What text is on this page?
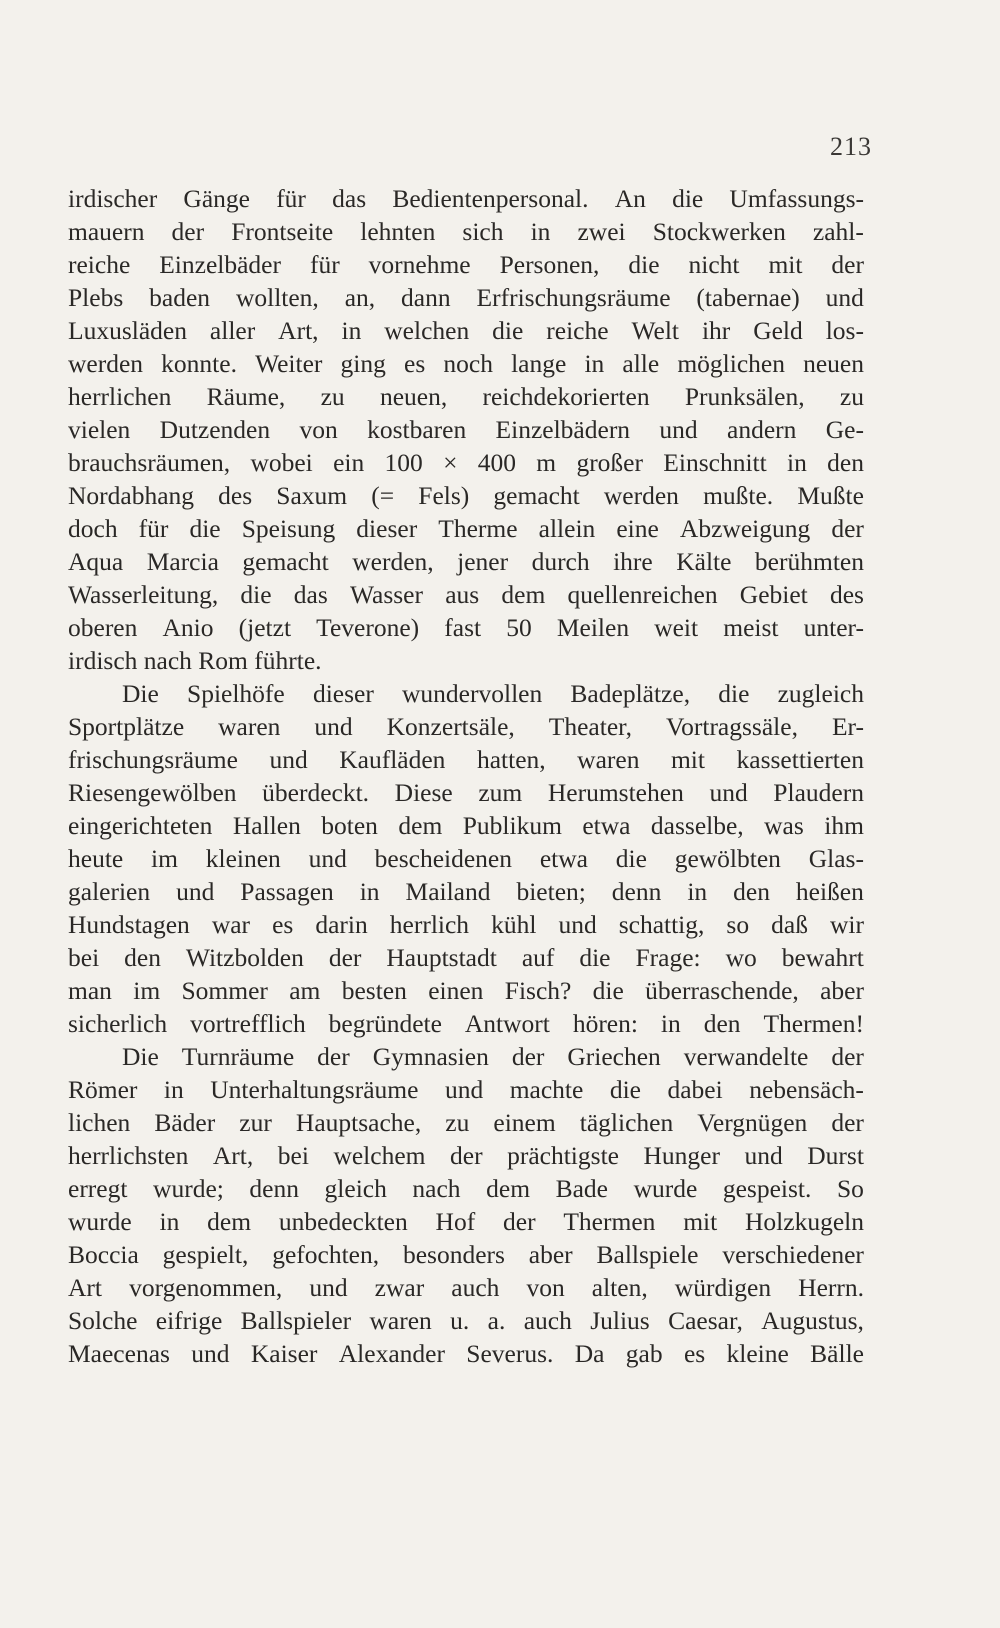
213
irdischer Gänge für das Bedientenpersonal. An die Umfassungs-
mauern der Frontseite lehnten sich in zwei Stockwerken zahl-
reiche Einzelbäder für vornehme Personen, die nicht mit der
Plebs baden wollten, an, dann Erfrischungsräume (tabernae) und
Luxusläden aller Art, in welchen die reiche Welt ihr Geld los-
werden konnte. Weiter ging es noch lange in alle möglichen neuen
herrlichen Räume, zu neuen, reichdekorierten Prunksälen, zu
vielen Dutzenden von kostbaren Einzelbädern und andern Ge-
brauchsräumen, wobei ein 100 × 400 m großer Einschnitt in den
Nordabhang des Saxum (= Fels) gemacht werden mußte. Mußte
doch für die Speisung dieser Therme allein eine Abzweigung der
Aqua Marcia gemacht werden, jener durch ihre Kälte berühmten
Wasserleitung, die das Wasser aus dem quellenreichen Gebiet des
oberen Anio (jetzt Teverone) fast 50 Meilen weit meist unter-
irdisch nach Rom führte.
Die Spielhöfe dieser wundervollen Badeplätze, die zugleich
Sportplätze waren und Konzertsäle, Theater, Vortragssäle, Er-
frischungsräume und Kaufläden hatten, waren mit kassettierten
Riesengewölben überdeckt. Diese zum Herumstehen und Plaudern
eingerichteten Hallen boten dem Publikum etwa dasselbe, was ihm
heute im kleinen und bescheidenen etwa die gewölbten Glas-
galerien und Passagen in Mailand bieten; denn in den heißen
Hundstagen war es darin herrlich kühl und schattig, so daß wir
bei den Witzbolden der Hauptstadt auf die Frage: wo bewahrt
man im Sommer am besten einen Fisch? die überraschende, aber
sicherlich vortrefflich begründete Antwort hören: in den Thermen!
Die Turnräume der Gymnasien der Griechen verwandelte der
Römer in Unterhaltungsräume und machte die dabei nebensäch-
lichen Bäder zur Hauptsache, zu einem täglichen Vergnügen der
herrlichsten Art, bei welchem der prächtigste Hunger und Durst
erregt wurde; denn gleich nach dem Bade wurde gespeist. So
wurde in dem unbedeckten Hof der Thermen mit Holzkugeln
Boccia gespielt, gefochten, besonders aber Ballspiele verschiedener
Art vorgenommen, und zwar auch von alten, würdigen Herrn.
Solche eifrige Ballspieler waren u. a. auch Julius Caesar, Augustus,
Maecenas und Kaiser Alexander Severus. Da gab es kleine Bälle
